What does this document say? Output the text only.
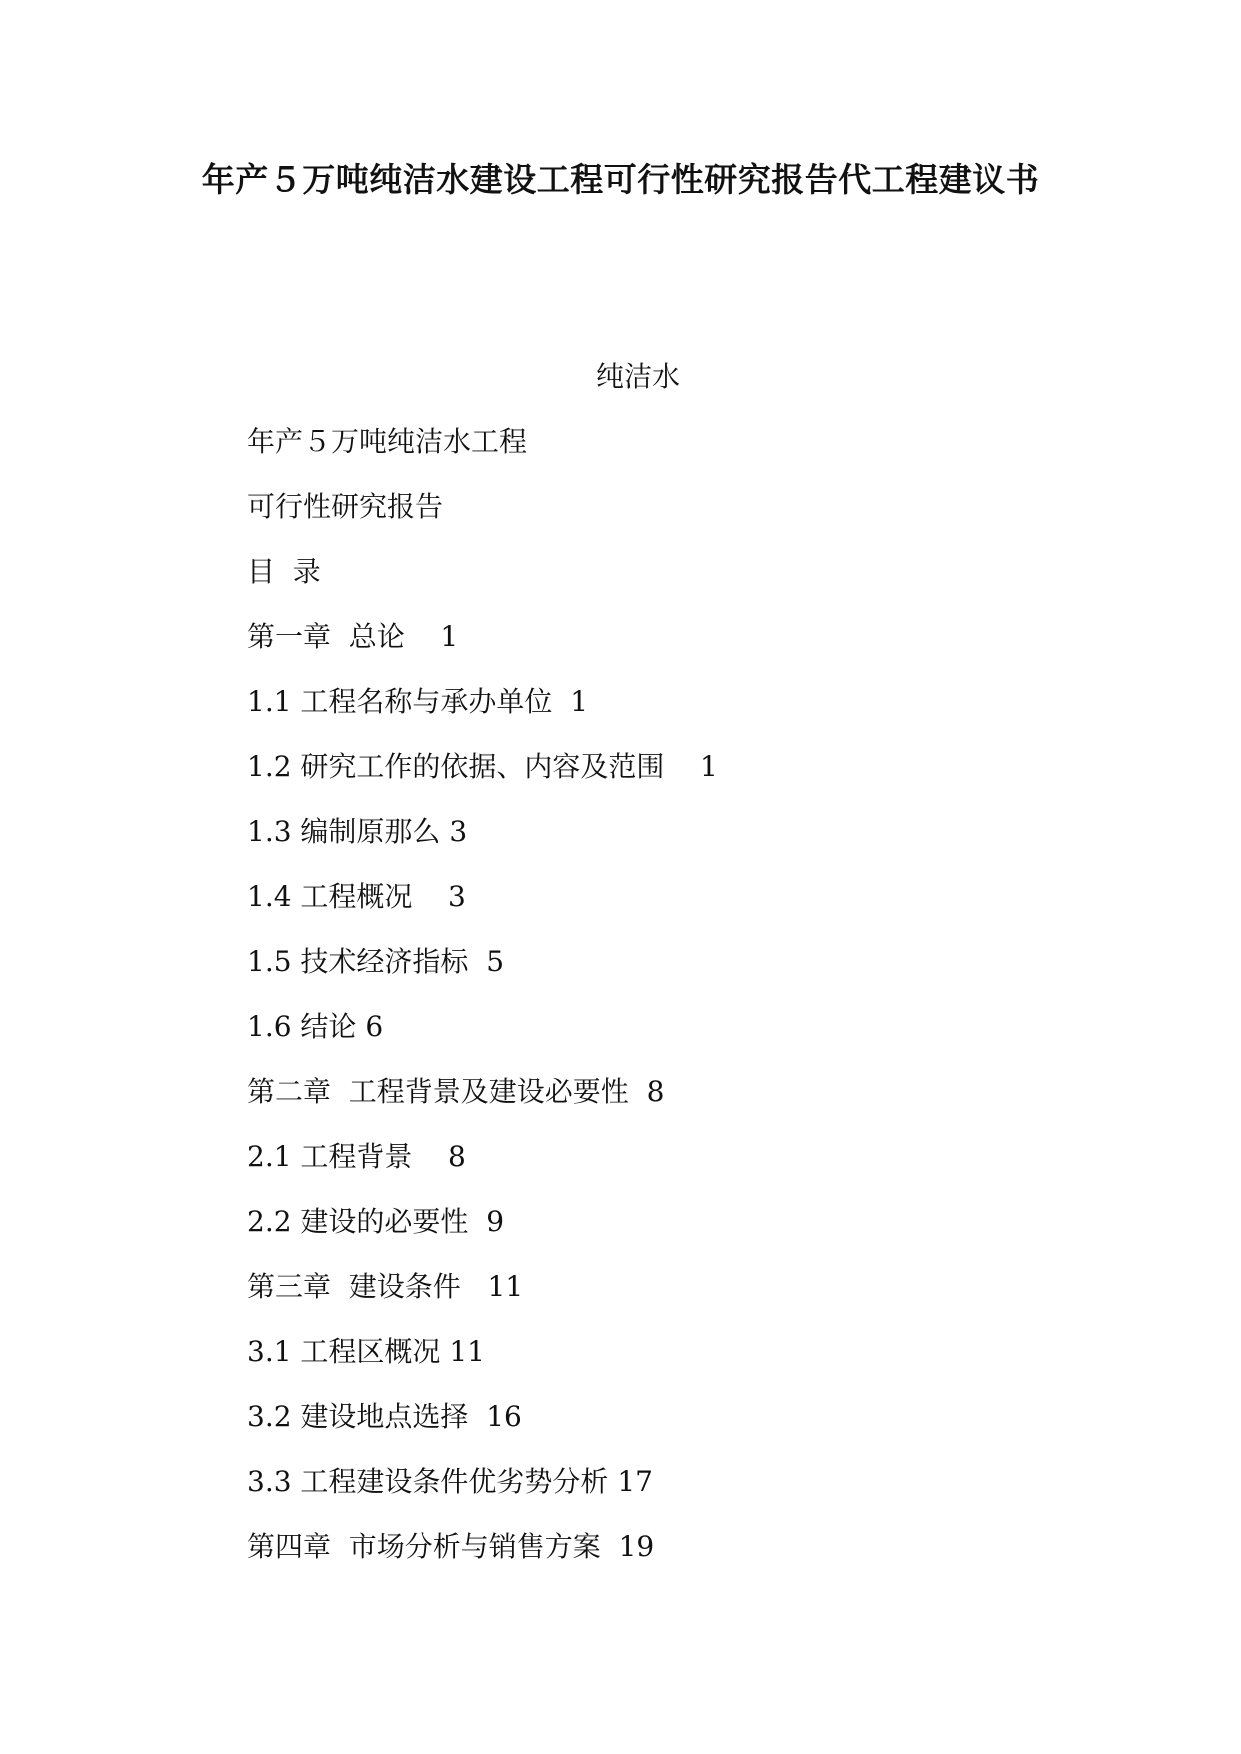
年产５万吨纯洁水建设工程可行性研究报告代工程建议书
纯洁水
年产５万吨纯洁水工程
可行性研究报告
目  录
第一章  总论    1
1.1 工程名称与承办单位  1
1.2 研究工作的依据、内容及范围    1
1.3 编制原那么 3
1.4 工程概况    3
1.5 技术经济指标  5
1.6 结论 6
第二章  工程背景及建设必要性  8
2.1 工程背景    8
2.2 建设的必要性  9
第三章  建设条件   11
3.1 工程区概况 11
3.2 建设地点选择  16
3.3 工程建设条件优劣势分析 17
第四章  市场分析与销售方案  19
